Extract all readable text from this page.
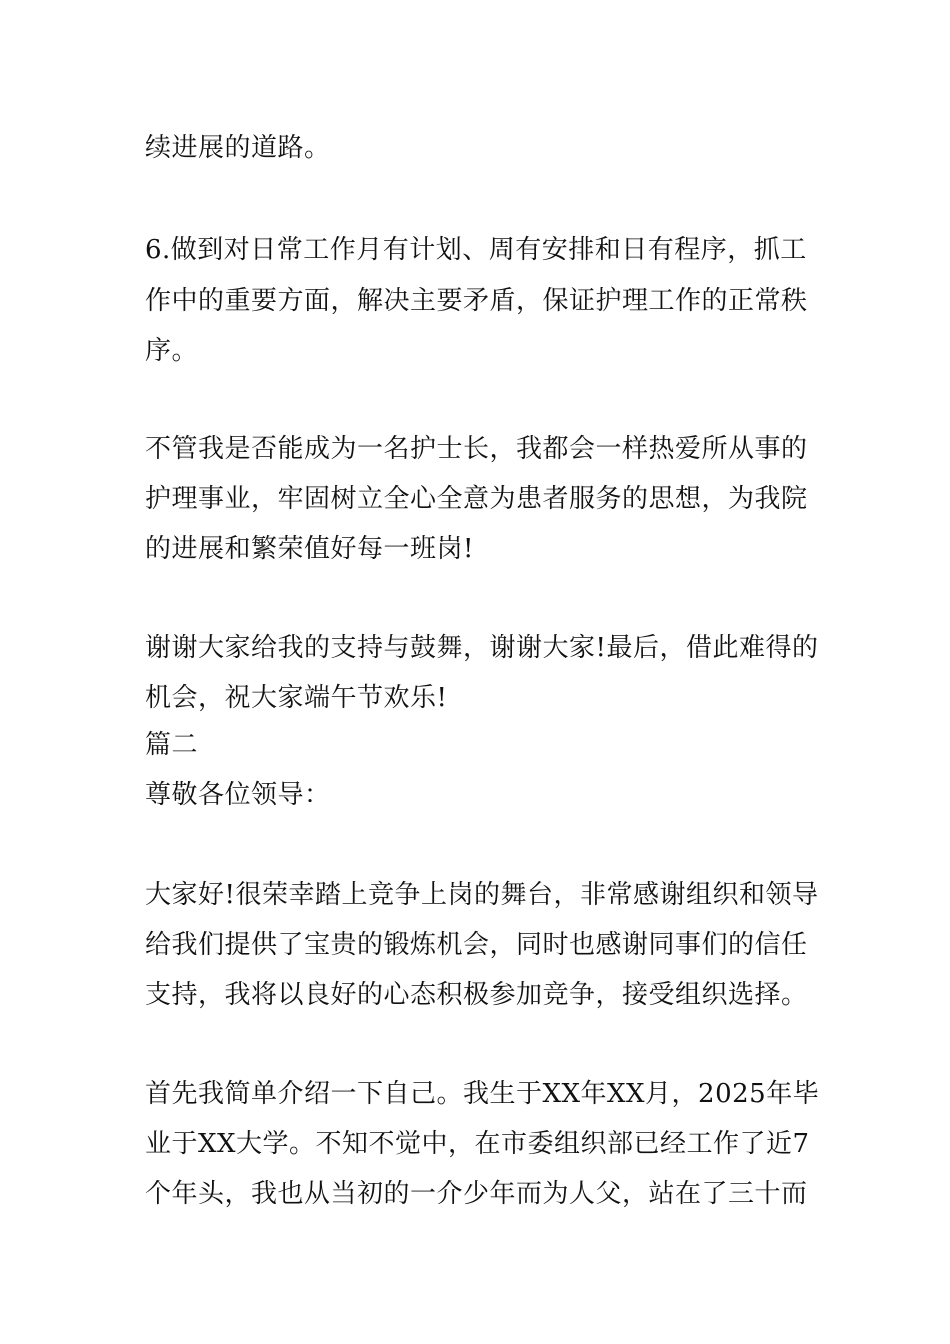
续进展的道路。
6.做到对日常工作月有计划、周有安排和日有程序，抓工
作中的重要方面，解决主要矛盾，保证护理工作的正常秩
序。
不管我是否能成为一名护士长，我都会一样热爱所从事的
护理事业，牢固树立全心全意为患者服务的思想，为我院
的进展和繁荣值好每一班岗!
谢谢大家给我的支持与鼓舞，谢谢大家!最后，借此难得的
机会，祝大家端午节欢乐!
篇二
尊敬各位领导：
大家好!很荣幸踏上竞争上岗的舞台，非常感谢组织和领导
给我们提供了宝贵的锻炼机会，同时也感谢同事们的信任
支持，我将以良好的心态积极参加竞争，接受组织选择。
首先我简单介绍一下自己。我生于XX年XX月，2025年毕
业于XX大学。不知不觉中，在市委组织部已经工作了近7
个年头，我也从当初的一介少年而为人父，站在了三十而
